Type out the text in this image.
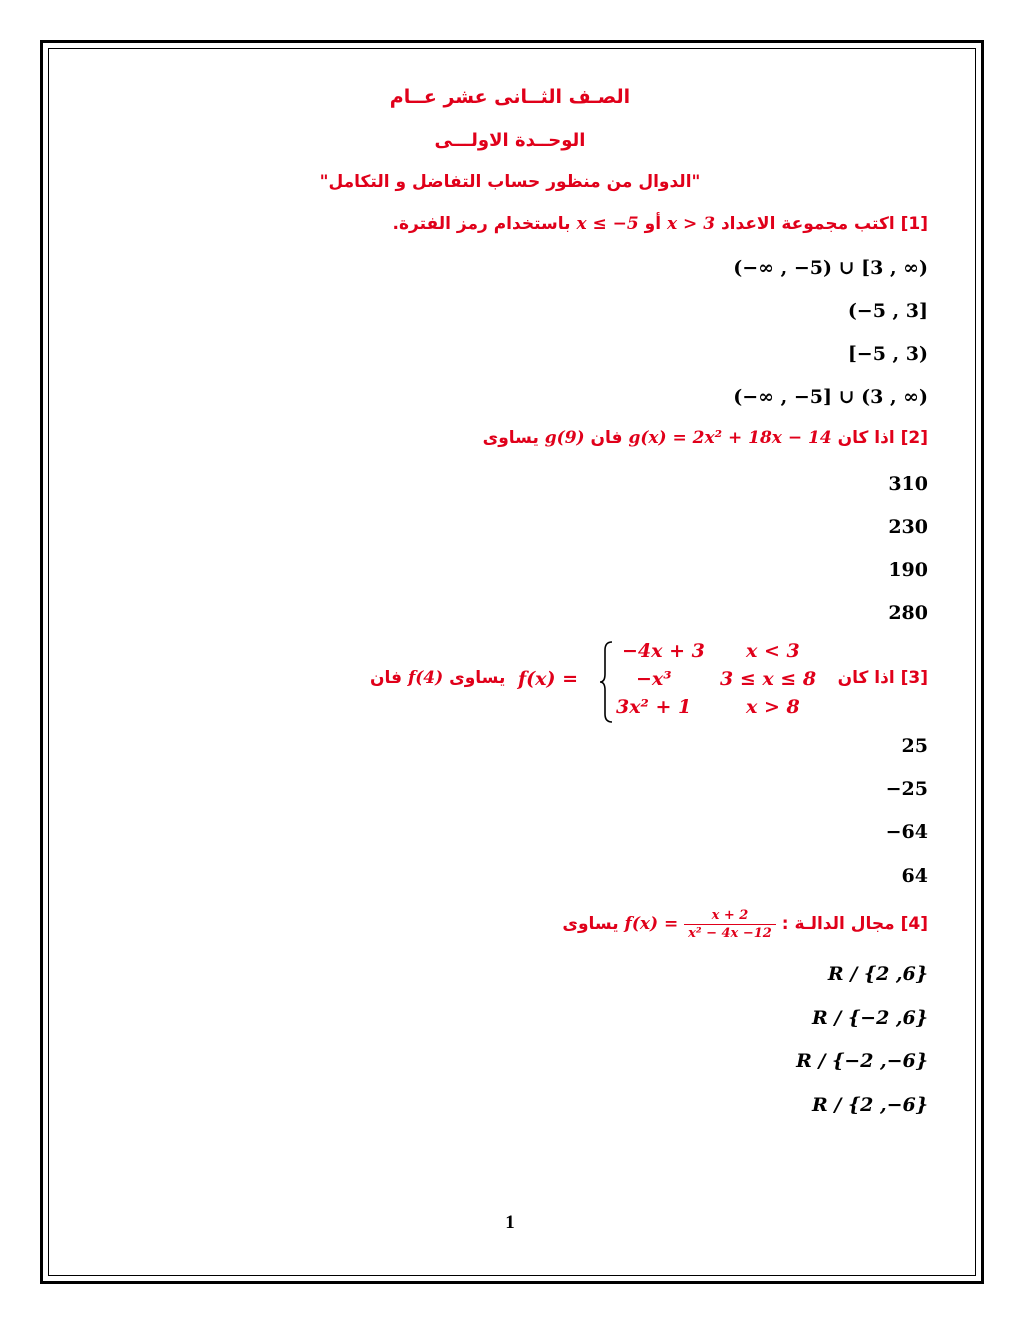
الصـف الثــانى عشر عــام
الوحــدة الاولـــى
"الدوال من منظور حساب التفاضل و التكامل"
[1] اكتب مجموعة الاعداد x > 3 أو x ≤ −5 باستخدام رمز الفترة.
(−∞ , −5) ∪ [3 , ∞)
(−5 , 3]
[−5 , 3)
(−∞ , −5] ∪ (3 , ∞)
[2] اذا كان g(x) = 2x² + 18x − 14 فان g(9) يساوى
310
230
190
280
[3] اذا كان
x < 3
3 ≤ x ≤ 8
x > 8
−4x + 3
−x³
3x² + 1
f(x) =
يساوى f(4) فان
25
−25
−64
64
[4] مجال الدالـة : $f(x) = \frac{x + 2}{\text{x² − 4x −12}}$
يساوى
R / {2 ,6}
R / {−2 ,6}
R / {−2 ,−6}
R / {2 ,−6}
1
